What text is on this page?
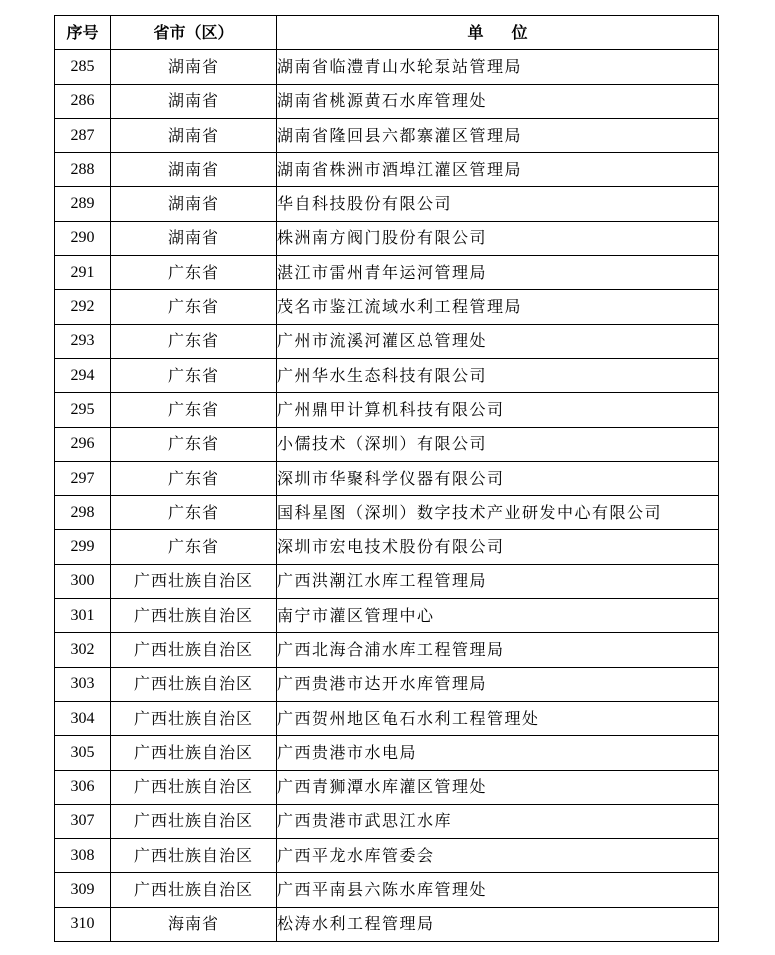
序号	省市（区）	单位
285	湖南省	湖南省临澧青山水轮泵站管理局
286	湖南省	湖南省桃源黄石水库管理处
287	湖南省	湖南省隆回县六都寨灌区管理局
288	湖南省	湖南省株洲市酒埠江灌区管理局
289	湖南省	华自科技股份有限公司
290	湖南省	株洲南方阀门股份有限公司
291	广东省	湛江市雷州青年运河管理局
292	广东省	茂名市鉴江流域水利工程管理局
293	广东省	广州市流溪河灌区总管理处
294	广东省	广州华水生态科技有限公司
295	广东省	广州鼎甲计算机科技有限公司
296	广东省	小儒技术（深圳）有限公司
297	广东省	深圳市华聚科学仪器有限公司
298	广东省	国科星图（深圳）数字技术产业研发中心有限公司
299	广东省	深圳市宏电技术股份有限公司
300	广西壮族自治区	广西洪潮江水库工程管理局
301	广西壮族自治区	南宁市灌区管理中心
302	广西壮族自治区	广西北海合浦水库工程管理局
303	广西壮族自治区	广西贵港市达开水库管理局
304	广西壮族自治区	广西贺州地区龟石水利工程管理处
305	广西壮族自治区	广西贵港市水电局
306	广西壮族自治区	广西青狮潭水库灌区管理处
307	广西壮族自治区	广西贵港市武思江水库
308	广西壮族自治区	广西平龙水库管委会
309	广西壮族自治区	广西平南县六陈水库管理处
310	海南省	松涛水利工程管理局
